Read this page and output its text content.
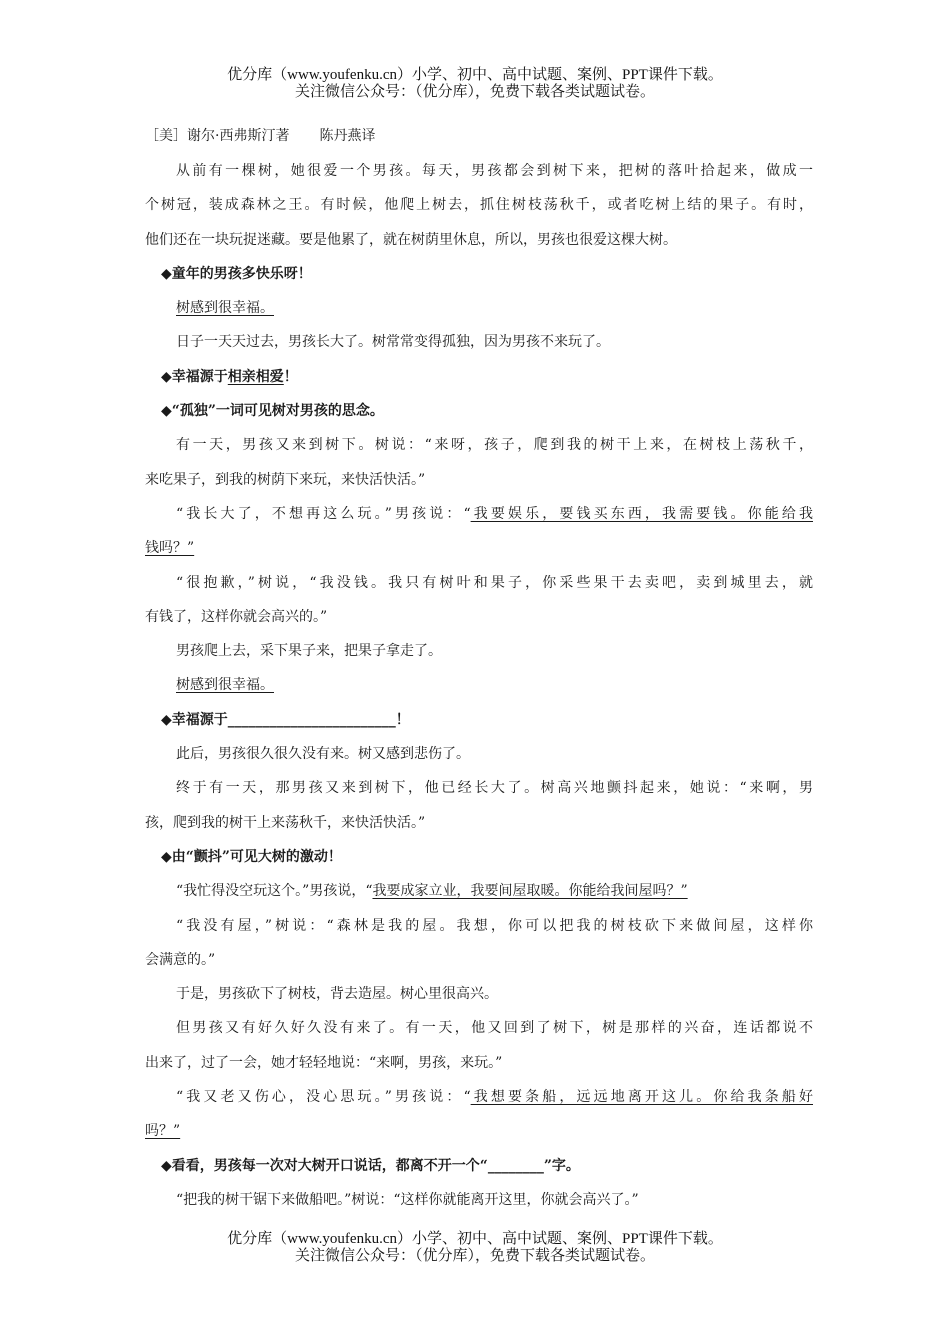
优分库（www.youfenku.cn）小学、初中、高中试题、案例、PPT课件下载。
关注微信公众号：（优分库），免费下载各类试题试卷。
［美］谢尔·西弗斯汀著 陈丹燕译
从前有一棵树，她很爱一个男孩。每天，男孩都会到树下来，把树的落叶拾起来，做成一
个树冠，装成森林之王。有时候，他爬上树去，抓住树枝荡秋千，或者吃树上结的果子。有时，
他们还在一块玩捉迷藏。要是他累了，就在树荫里休息，所以，男孩也很爱这棵大树。
◆童年的男孩多快乐呀！
树感到很幸福。
日子一天天过去，男孩长大了。树常常变得孤独，因为男孩不来玩了。
◆幸福源于相亲相爱！
◆“孤独”一词可见树对男孩的思念。
有一天，男孩又来到树下。树说：“来呀，孩子，爬到我的树干上来，在树枝上荡秋千，
来吃果子，到我的树荫下来玩，来快活快活。”
“我长大了，不想再这么玩。”男孩说：“我要娱乐，要钱买东西，我需要钱。你能给我
钱吗？”
“很抱歉，”树说，“我没钱。我只有树叶和果子，你采些果干去卖吧，卖到城里去，就
有钱了，这样你就会高兴的。”
男孩爬上去，采下果子来，把果子拿走了。
树感到很幸福。
◆幸福源于________________________！
此后，男孩很久很久没有来。树又感到悲伤了。
终于有一天，那男孩又来到树下，他已经长大了。树高兴地颤抖起来，她说：“来啊，男
孩，爬到我的树干上来荡秋千，来快活快活。”
◆由“颤抖”可见大树的激动！
“我忙得没空玩这个。”男孩说，“我要成家立业，我要间屋取暖。你能给我间屋吗？”
“我没有屋，”树说：“森林是我的屋。我想，你可以把我的树枝砍下来做间屋，这样你
会满意的。”
于是，男孩砍下了树枝，背去造屋。树心里很高兴。
但男孩又有好久好久没有来了。有一天，他又回到了树下，树是那样的兴奋，连话都说不
出来了，过了一会，她才轻轻地说：“来啊，男孩，来玩。”
“我又老又伤心，没心思玩。”男孩说：“我想要条船，远远地离开这儿。你给我条船好
吗？”
◆看看，男孩每一次对大树开口说话，都离不开一个“________”字。
“把我的树干锯下来做船吧。”树说：“这样你就能离开这里，你就会高兴了。”
优分库（www.youfenku.cn）小学、初中、高中试题、案例、PPT课件下载。
关注微信公众号：（优分库），免费下载各类试题试卷。
